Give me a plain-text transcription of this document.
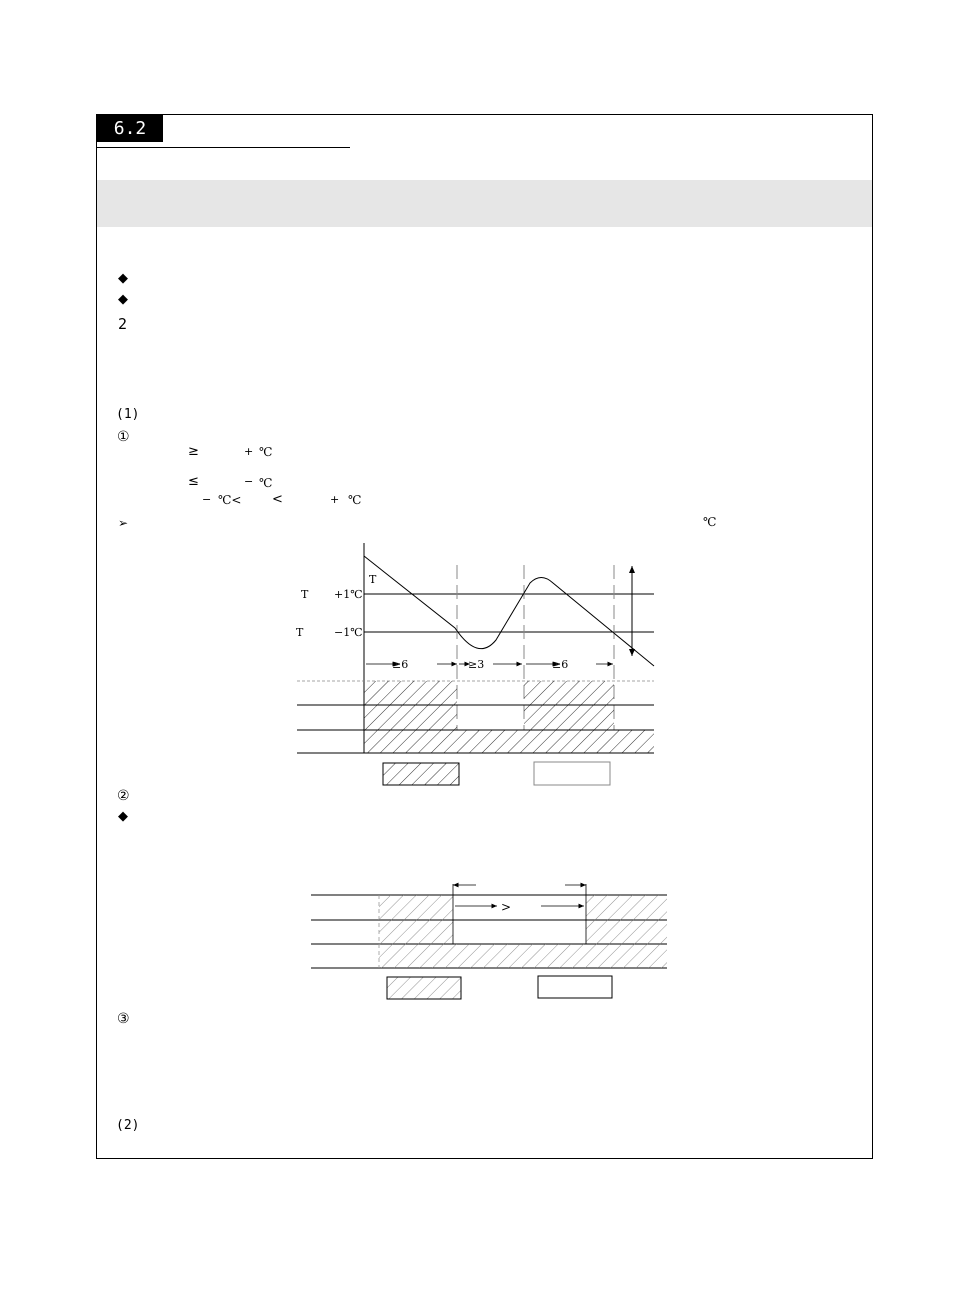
6.2
◆
◆
2
(1)
①
≥	+ ℃
≤	− ℃
− ℃< <	+ ℃
➢	℃
T
T +1℃
T	−1℃
≥6	≥3	≥6
②
◆
>
③
(2)
